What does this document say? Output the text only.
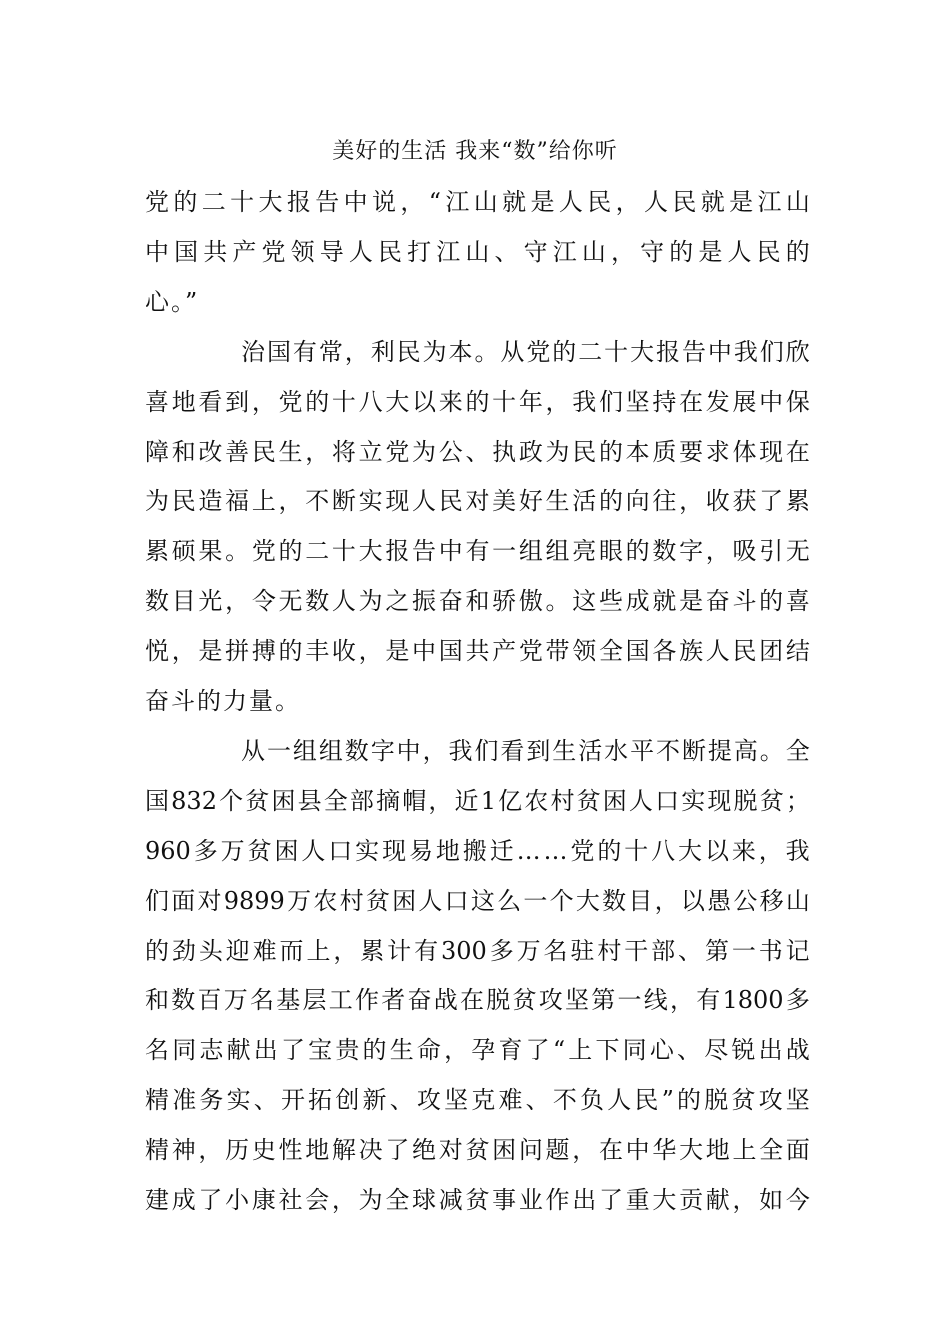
美好的生活 我来“数”给你听
党 的 二 十 大 报 告 中 说 ， “ 江 山 就 是 人 民 ， 人 民 就 是 江 山
中 国 共 产 党 领 导 人 民 打 江 山 、 守 江 山 ， 守 的 是 人 民 的
心。”
治 国 有 常 ， 利 民 为 本 。 从 党 的 二 十 大 报 告 中 我 们 欣
喜 地 看 到 ， 党 的 十 八 大 以 来 的 十 年 ， 我 们 坚 持 在 发 展 中 保
障 和 改 善 民 生 ， 将 立 党 为 公 、 执 政 为 民 的 本 质 要 求 体 现 在
为 民 造 福 上 ， 不 断 实 现 人 民 对 美 好 生 活 的 向 往 ， 收 获 了 累
累 硕 果 。 党 的 二 十 大 报 告 中 有 一 组 组 亮 眼 的 数 字 ， 吸 引 无
数 目 光 ， 令 无 数 人 为 之 振 奋 和 骄 傲 。 这 些 成 就 是 奋 斗 的 喜
悦 ， 是 拼 搏 的 丰 收 ， 是 中 国 共 产 党 带 领 全 国 各 族 人 民 团 结
奋斗的力量。
从 一 组 组 数 字 中 ， 我 们 看 到 生 活 水 平 不 断 提 高 。 全
国 832 个 贫 困 县 全 部 摘 帽 ， 近 1 亿 农 村 贫 困 人 口 实 现 脱 贫 ；
960 多 万 贫 困 人 口 实 现 易 地 搬 迁 … … 党 的 十 八 大 以 来 ， 我
们 面 对 9899 万 农 村 贫 困 人 口 这 么 一 个 大 数 目 ， 以 愚 公 移 山
的 劲 头 迎 难 而 上 ， 累 计 有 300 多 万 名 驻 村 干 部 、 第 一 书 记
和 数 百 万 名 基 层 工 作 者 奋 战 在 脱 贫 攻 坚 第 一 线 ， 有 1800 多
名 同 志 献 出 了 宝 贵 的 生 命 ， 孕 育 了 “ 上 下 同 心 、 尽 锐 出 战
精 准 务 实 、 开 拓 创 新 、 攻 坚 克 难 、 不 负 人 民 ” 的 脱 贫 攻 坚
精 神 ， 历 史 性 地 解 决 了 绝 对 贫 困 问 题 ， 在 中 华 大 地 上 全 面
建 成 了 小 康 社 会 ， 为 全 球 减 贫 事 业 作 出 了 重 大 贡 献 ， 如 今
